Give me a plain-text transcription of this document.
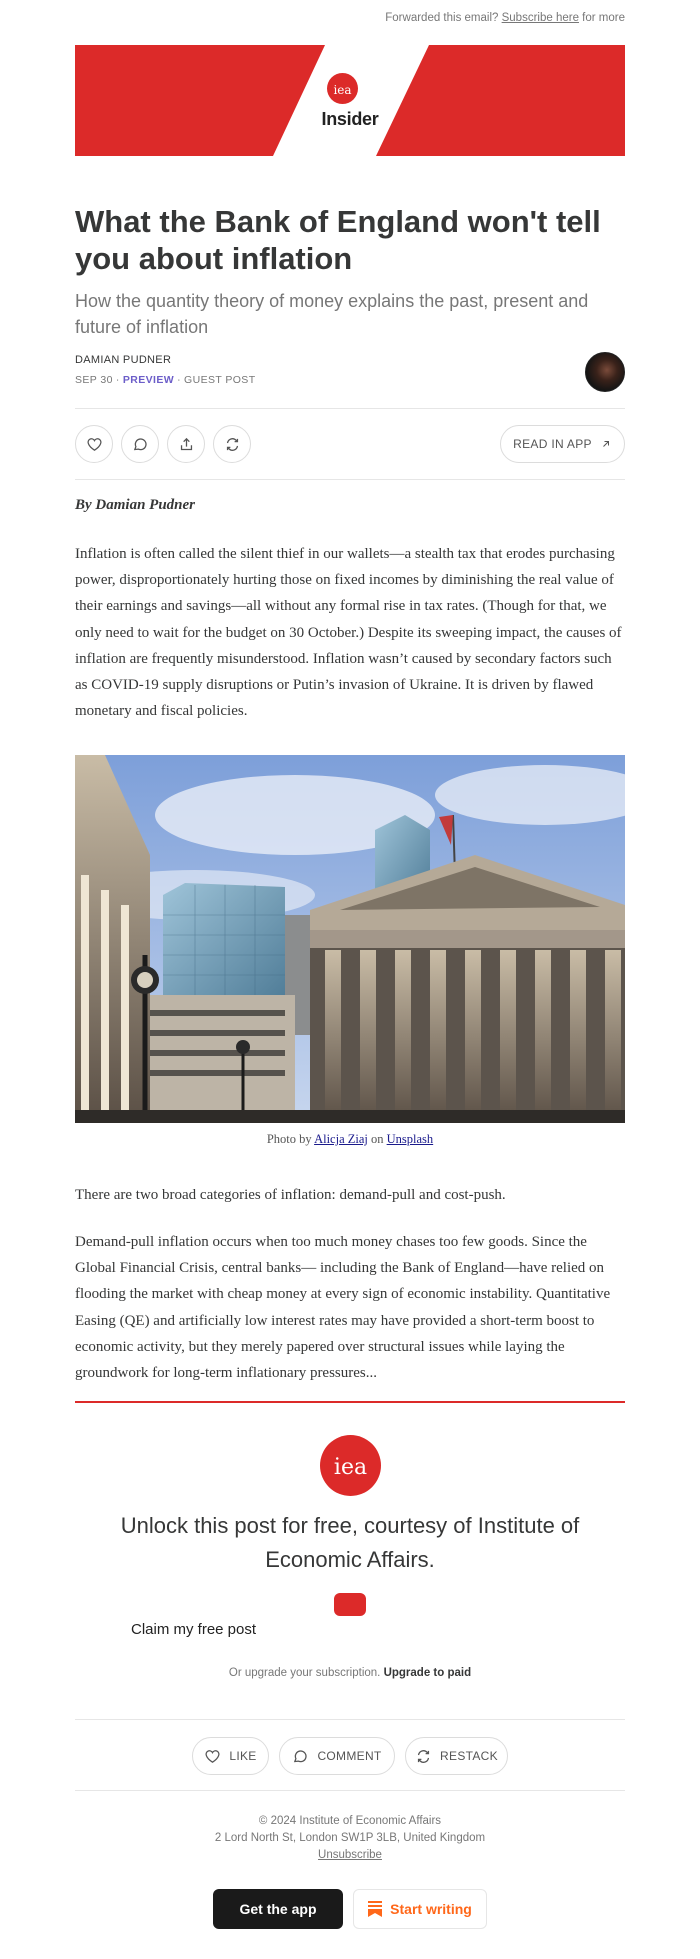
Forwarded this email? Subscribe here for more
iea
Insider
What the Bank of England won't tell you about inflation
How the quantity theory of money explains the past, present and future of inflation
DAMIAN PUDNER
SEP 30 ∙ PREVIEW ∙ GUEST POST
READ IN APP
By Damian Pudner

Inflation is often called the silent thief in our wallets—a stealth tax that erodes purchasing power, disproportionately hurting those on fixed incomes by diminishing the real value of their earnings and savings—all without any formal rise in tax rates. (Though for that, we only need to wait for the budget on 30 October.) Despite its sweeping impact, the causes of inflation are frequently misunderstood. Inflation wasn’t caused by secondary factors such as COVID-19 supply disruptions or Putin’s invasion of Ukraine. It is driven by flawed monetary and fiscal policies.

Photo by Alicja Ziaj on Unsplash

There are two broad categories of inflation: demand-pull and cost-push.

Demand-pull inflation occurs when too much money chases too few goods. Since the Global Financial Crisis, central banks— including the Bank of England—have relied on flooding the market with cheap money at every sign of economic instability. Quantitative Easing (QE) and artificially low interest rates may have provided a short-term boost to economic activity, but they merely papered over structural issues while laying the groundwork for long-term inflationary pressures...

iea
Unlock this post for free, courtesy of Institute of Economic Affairs.
Claim my free post
Or upgrade your subscription. Upgrade to paid
LIKE	COMMENT	RESTACK
© 2024 Institute of Economic Affairs
2 Lord North St, London SW1P 3LB, United Kingdom
Unsubscribe
Get the app	Start writing
